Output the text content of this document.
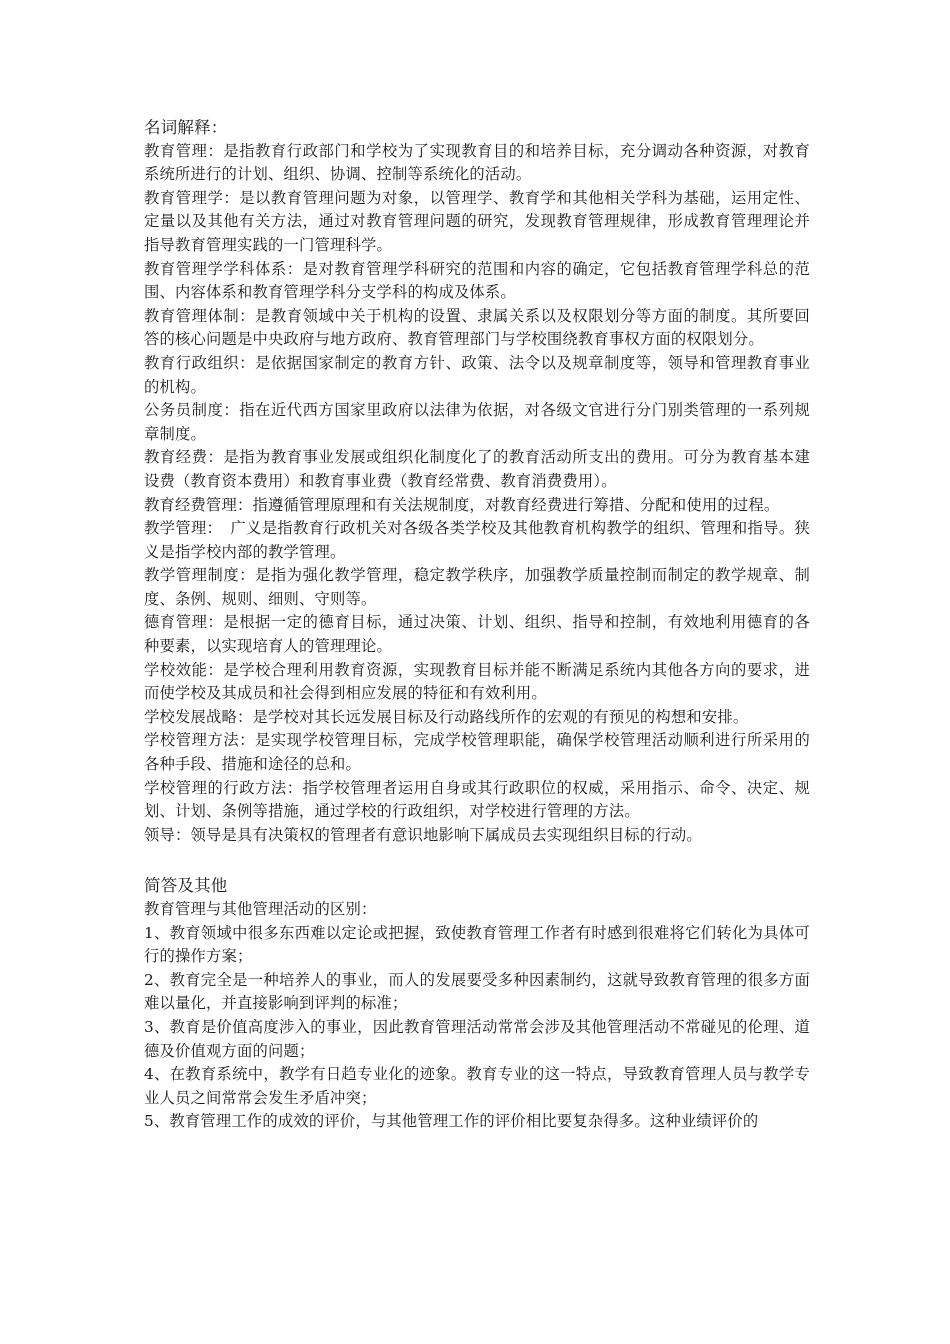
名词解释：

教育管理：是指教育行政部门和学校为了实现教育目的和培养目标，充分调动各种资源，对教育系统所进行的计划、组织、协调、控制等系统化的活动。

教育管理学：是以教育管理问题为对象，以管理学、教育学和其他相关学科为基础，运用定性、定量以及其他有关方法，通过对教育管理问题的研究，发现教育管理规律，形成教育管理理论并指导教育管理实践的一门管理科学。

教育管理学学科体系：是对教育管理学科研究的范围和内容的确定，它包括教育管理学科总的范围、内容体系和教育管理学科分支学科的构成及体系。

教育管理体制：是教育领域中关于机构的设置、隶属关系以及权限划分等方面的制度。其所要回答的核心问题是中央政府与地方政府、教育管理部门与学校围绕教育事权方面的权限划分。

教育行政组织：是依据国家制定的教育方针、政策、法令以及规章制度等，领导和管理教育事业的机构。

公务员制度：指在近代西方国家里政府以法律为依据，对各级文官进行分门别类管理的一系列规章制度。

教育经费：是指为教育事业发展或组织化制度化了的教育活动所支出的费用。可分为教育基本建设费（教育资本费用）和教育事业费（教育经常费、教育消费费用）。

教育经费管理：指遵循管理原理和有关法规制度，对教育经费进行筹措、分配和使用的过程。

教学管理：　广义是指教育行政机关对各级各类学校及其他教育机构教学的组织、管理和指导。狭义是指学校内部的教学管理。

教学管理制度：是指为强化教学管理，稳定教学秩序，加强教学质量控制而制定的教学规章、制度、条例、规则、细则、守则等。

德育管理：是根据一定的德育目标，通过决策、计划、组织、指导和控制，有效地利用德育的各种要素，以实现培育人的管理理论。

学校效能：是学校合理利用教育资源，实现教育目标并能不断满足系统内其他各方向的要求，进而使学校及其成员和社会得到相应发展的特征和有效利用。

学校发展战略：是学校对其长远发展目标及行动路线所作的宏观的有预见的构想和安排。

学校管理方法：是实现学校管理目标，完成学校管理职能，确保学校管理活动顺利进行所采用的各种手段、措施和途径的总和。

学校管理的行政方法：指学校管理者运用自身或其行政职位的权威，采用指示、命令、决定、规划、计划、条例等措施，通过学校的行政组织，对学校进行管理的方法。

领导：领导是具有决策权的管理者有意识地影响下属成员去实现组织目标的行动。

简答及其他

教育管理与其他管理活动的区别：

1、教育领域中很多东西难以定论或把握，致使教育管理工作者有时感到很难将它们转化为具体可行的操作方案；

2、教育完全是一种培养人的事业，而人的发展要受多种因素制约，这就导致教育管理的很多方面难以量化，并直接影响到评判的标准；

3、教育是价值高度涉入的事业，因此教育管理活动常常会涉及其他管理活动不常碰见的伦理、道德及价值观方面的问题；

4、在教育系统中，教学有日趋专业化的迹象。教育专业的这一特点，导致教育管理人员与教学专业人员之间常常会发生矛盾冲突；

5、教育管理工作的成效的评价，与其他管理工作的评价相比要复杂得多。这种业绩评价的
